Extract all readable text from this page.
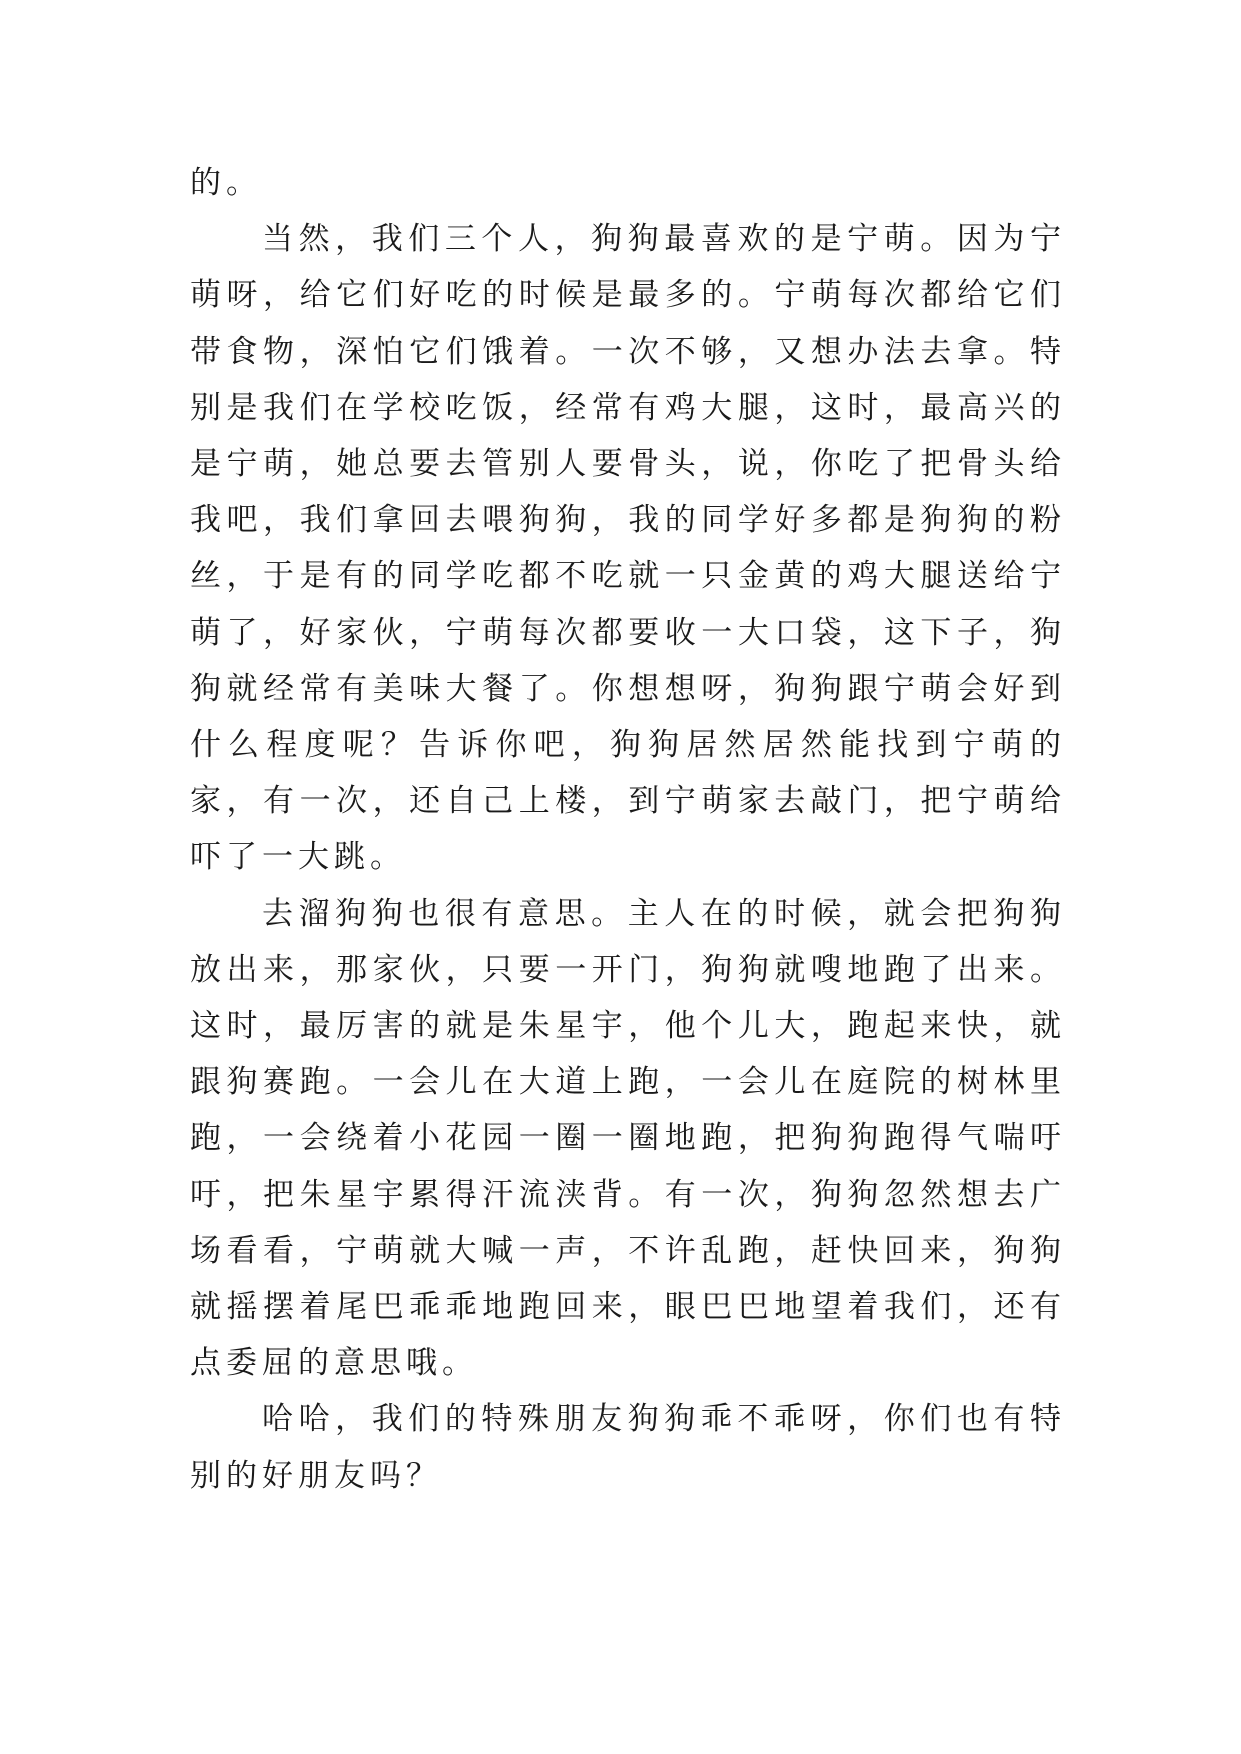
的。

当然，我们三个人，狗狗最喜欢的是宁萌。因为宁萌呀，给它们好吃的时候是最多的。宁萌每次都给它们带食物，深怕它们饿着。一次不够，又想办法去拿。特别是我们在学校吃饭，经常有鸡大腿，这时，最高兴的是宁萌，她总要去管别人要骨头，说，你吃了把骨头给我吧，我们拿回去喂狗狗，我的同学好多都是狗狗的粉丝，于是有的同学吃都不吃就一只金黄的鸡大腿送给宁萌了，好家伙，宁萌每次都要收一大口袋，这下子，狗狗就经常有美味大餐了。你想想呀，狗狗跟宁萌会好到什么程度呢？告诉你吧，狗狗居然居然能找到宁萌的家，有一次，还自己上楼，到宁萌家去敲门，把宁萌给吓了一大跳。

去溜狗狗也很有意思。主人在的时候，就会把狗狗放出来，那家伙，只要一开门，狗狗就嗖地跑了出来。这时，最厉害的就是朱星宇，他个儿大，跑起来快，就跟狗赛跑。一会儿在大道上跑，一会儿在庭院的树林里跑，一会绕着小花园一圈一圈地跑，把狗狗跑得气喘吁吁，把朱星宇累得汗流浃背。有一次，狗狗忽然想去广场看看，宁萌就大喊一声，不许乱跑，赶快回来，狗狗就摇摆着尾巴乖乖地跑回来，眼巴巴地望着我们，还有点委屈的意思哦。

哈哈，我们的特殊朋友狗狗乖不乖呀，你们也有特别的好朋友吗？
